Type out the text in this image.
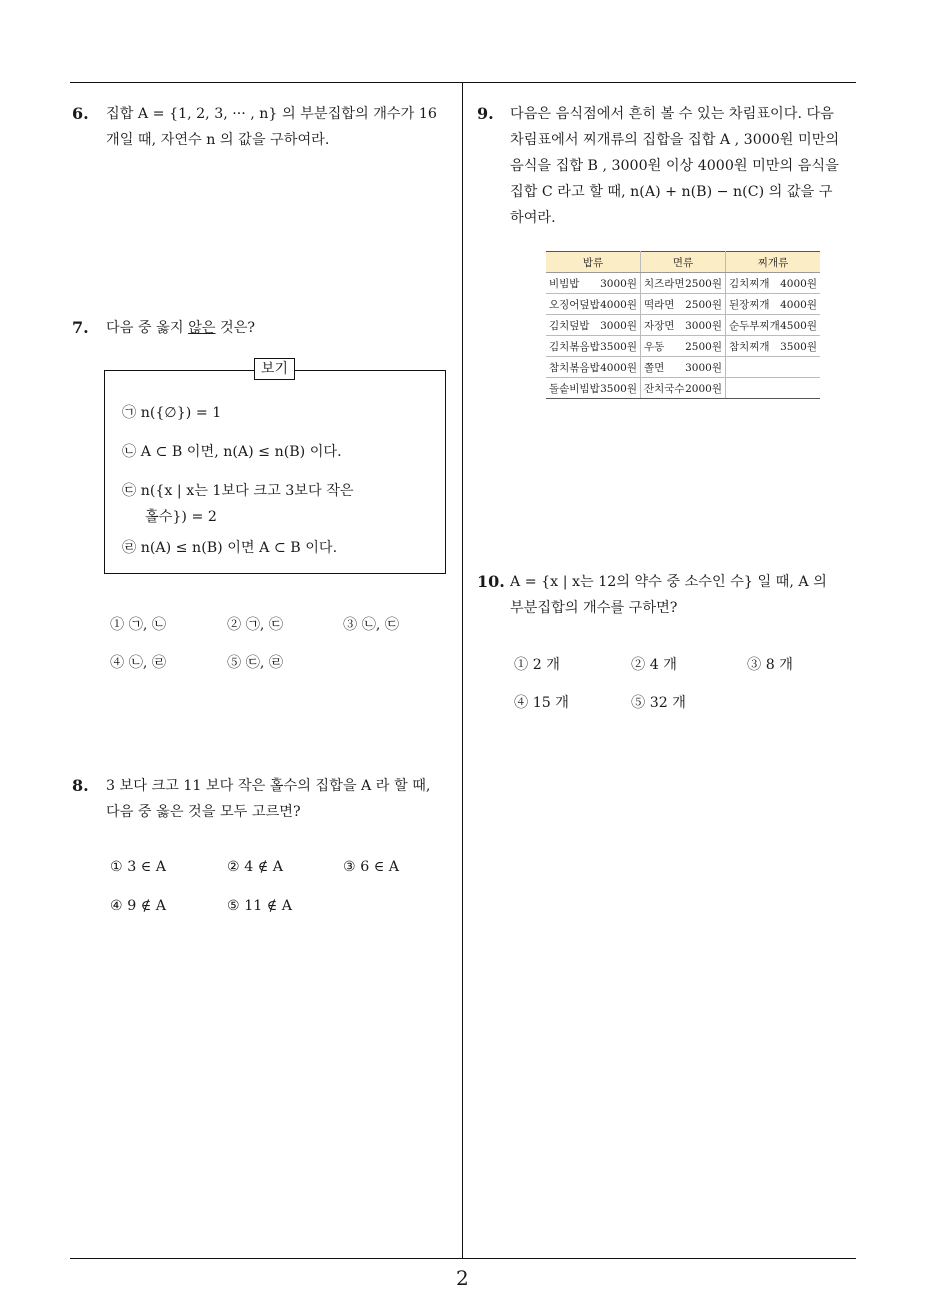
2
6. 집합 A = {1, 2, 3, ··· , n} 의 부분집합의 개수가 16

개일 때, 자연수 n 의 값을 구하여라.

7. 다음 중 옳지 않은 것은?

보기
㉠ n({∅}) = 1
㉡ A ⊂ B 이면, n(A) ≤ n(B) 이다.
㉢ n({x | x는 1보다 크고 3보다 작은
홀수}) = 2
㉣ n(A) ≤ n(B) 이면 A ⊂ B 이다.
① ㉠, ㉡	② ㉠, ㉢	③ ㉡, ㉢
④ ㉡, ㉣	⑤ ㉢, ㉣
8. 3 보다 크고 11 보다 작은 홀수의 집합을 A 라 할 때,

다음 중 옳은 것을 모두 고르면?

① 3 ∈ A	② 4 ∉ A	③ 6 ∈ A
④ 9 ∉ A	⑤ 11 ∉ A
9. 다음은 음식점에서 흔히 볼 수 있는 차림표이다. 다음

차림표에서 찌개류의 집합을 집합 A , 3000원 미만의

음식을 집합 B , 3000원 이상 4000원 미만의 음식을

집합 C 라고 할 때, n(A) + n(B) − n(C) 의 값을 구

하여라.

밥류	면류	찌개류

비빔밥 3000원	치즈라면 2500원	김치찌개 4000원

오징어덮밥 4000원	떡라면 2500원	된장찌개 4000원

김치덮밥 3000원	자장면 3000원	순두부찌개 4500원

김치볶음밥 3500원	우동 2500원	참치찌개 3500원

참치볶음밥 4000원	쫄면 3000원	

돌솥비빔밥 3500원	잔치국수 2000원	

10. A = {x | x는 12의 약수 중 소수인 수} 일 때, A 의

부분집합의 개수를 구하면?

① 2 개	② 4 개	③ 8 개
④ 15 개	⑤ 32 개
